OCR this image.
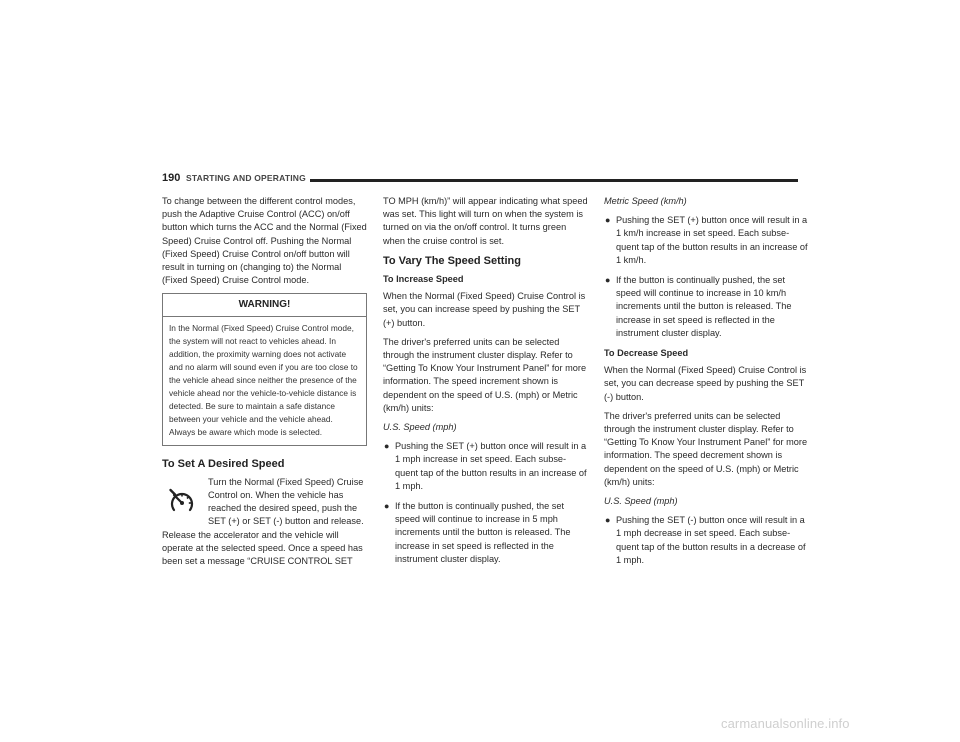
190 STARTING AND OPERATING

To change between the different control modes, push the Adaptive Cruise Control (ACC) on/off button which turns the ACC and the Normal (Fixed Speed) Cruise Control off. Pushing the Normal (Fixed Speed) Cruise Control on/off button will result in turning on (changing to) the Normal (Fixed Speed) Cruise Control mode.

WARNING!
In the Normal (Fixed Speed) Cruise Control mode, the system will not react to vehicles ahead. In addition, the proximity warning does not activate and no alarm will sound even if you are too close to the vehicle ahead since neither the presence of the vehicle ahead nor the vehicle-to-vehicle distance is detected. Be sure to maintain a safe distance between your vehicle and the vehicle ahead. Always be aware which mode is selected.
To Set A Desired Speed

Turn the Normal (Fixed Speed) Cruise Control on. When the vehicle has reached the desired speed, push the SET (+) or SET (-) button and release.

Release the accelerator and the vehicle will operate at the selected speed. Once a speed has been set a message “CRUISE CONTROL SET

TO MPH (km/h)” will appear indicating what speed was set. This light will turn on when the system is turned on via the on/off control. It turns green when the cruise control is set.

To Vary The Speed Setting
To Increase Speed

When the Normal (Fixed Speed) Cruise Control is set, you can increase speed by pushing the SET (+) button.

The driver's preferred units can be selected through the instrument cluster display. Refer to “Getting To Know Your Instrument Panel” for more information. The speed increment shown is dependent on the speed of U.S. (mph) or Metric (km/h) units:

U.S. Speed (mph)

● Pushing the SET (+) button once will result in a 1 mph increase in set speed. Each subse-quent tap of the button results in an increase of 1 mph.
● If the button is continually pushed, the set speed will continue to increase in 5 mph increments until the button is released. The increase in set speed is reflected in the instrument cluster display.

Metric Speed (km/h)

● Pushing the SET (+) button once will result in a 1 km/h increase in set speed. Each subse-quent tap of the button results in an increase of 1 km/h.
● If the button is continually pushed, the set speed will continue to increase in 10 km/h increments until the button is released. The increase in set speed is reflected in the instrument cluster display.
To Decrease Speed

When the Normal (Fixed Speed) Cruise Control is set, you can decrease speed by pushing the SET (-) button.

The driver's preferred units can be selected through the instrument cluster display. Refer to “Getting To Know Your Instrument Panel” for more information. The speed decrement shown is dependent on the speed of U.S. (mph) or Metric (km/h) units:

U.S. Speed (mph)

● Pushing the SET (-) button once will result in a 1 mph decrease in set speed. Each subse-quent tap of the button results in a decrease of 1 mph.
carmanualsonline.info
